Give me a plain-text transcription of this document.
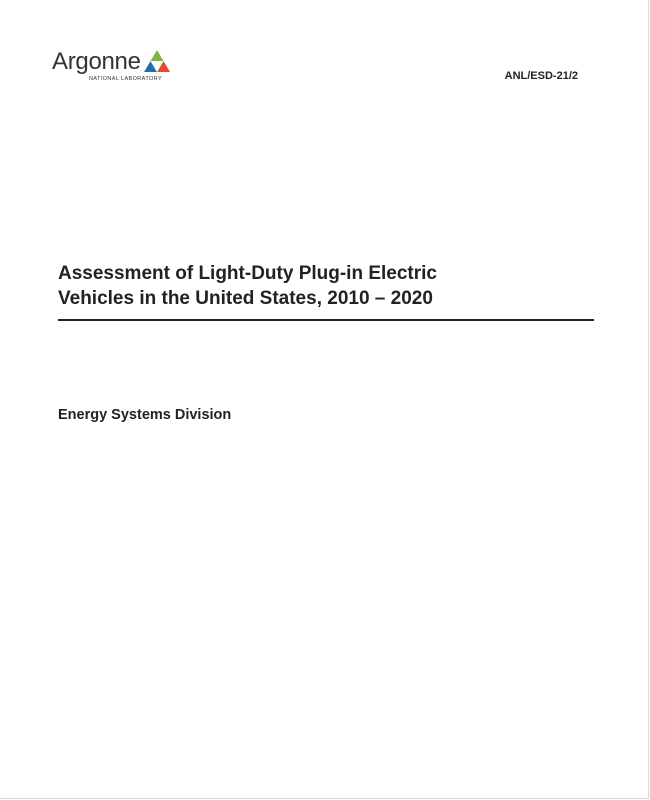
Argonne
NATIONAL LABORATORY	ANL/ESD-21/2
Assessment of Light-Duty Plug-in Electric
Vehicles in the United States, 2010 – 2020
Energy Systems Division
